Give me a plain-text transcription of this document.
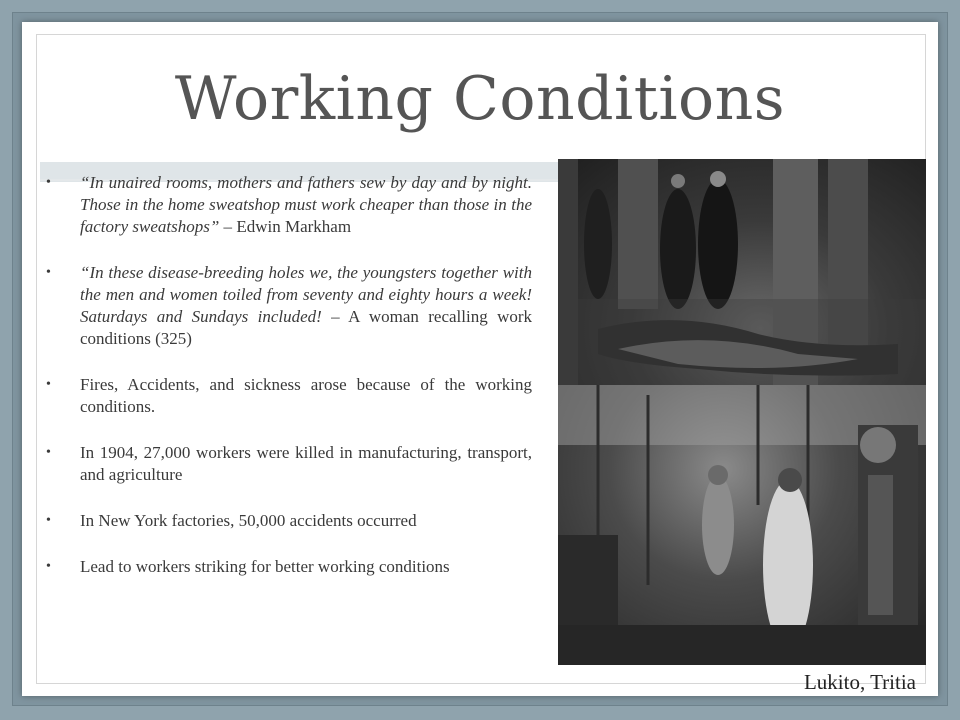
Working Conditions
• “In unaired rooms, mothers and fathers sew by day and by night. Those in the home sweatshop must work cheaper than those in the factory sweatshops” – Edwin Markham
• “In these disease-breeding holes we, the youngsters together with the men and women toiled from seventy and eighty hours a week! Saturdays and Sundays included! – A woman recalling work conditions (325)
• Fires, Accidents, and sickness arose because of the working conditions.
• In 1904, 27,000 workers were killed in manufacturing, transport, and agriculture
• In New York factories, 50,000 accidents occurred
• Lead to workers striking for better working conditions
Lukito, Tritia
